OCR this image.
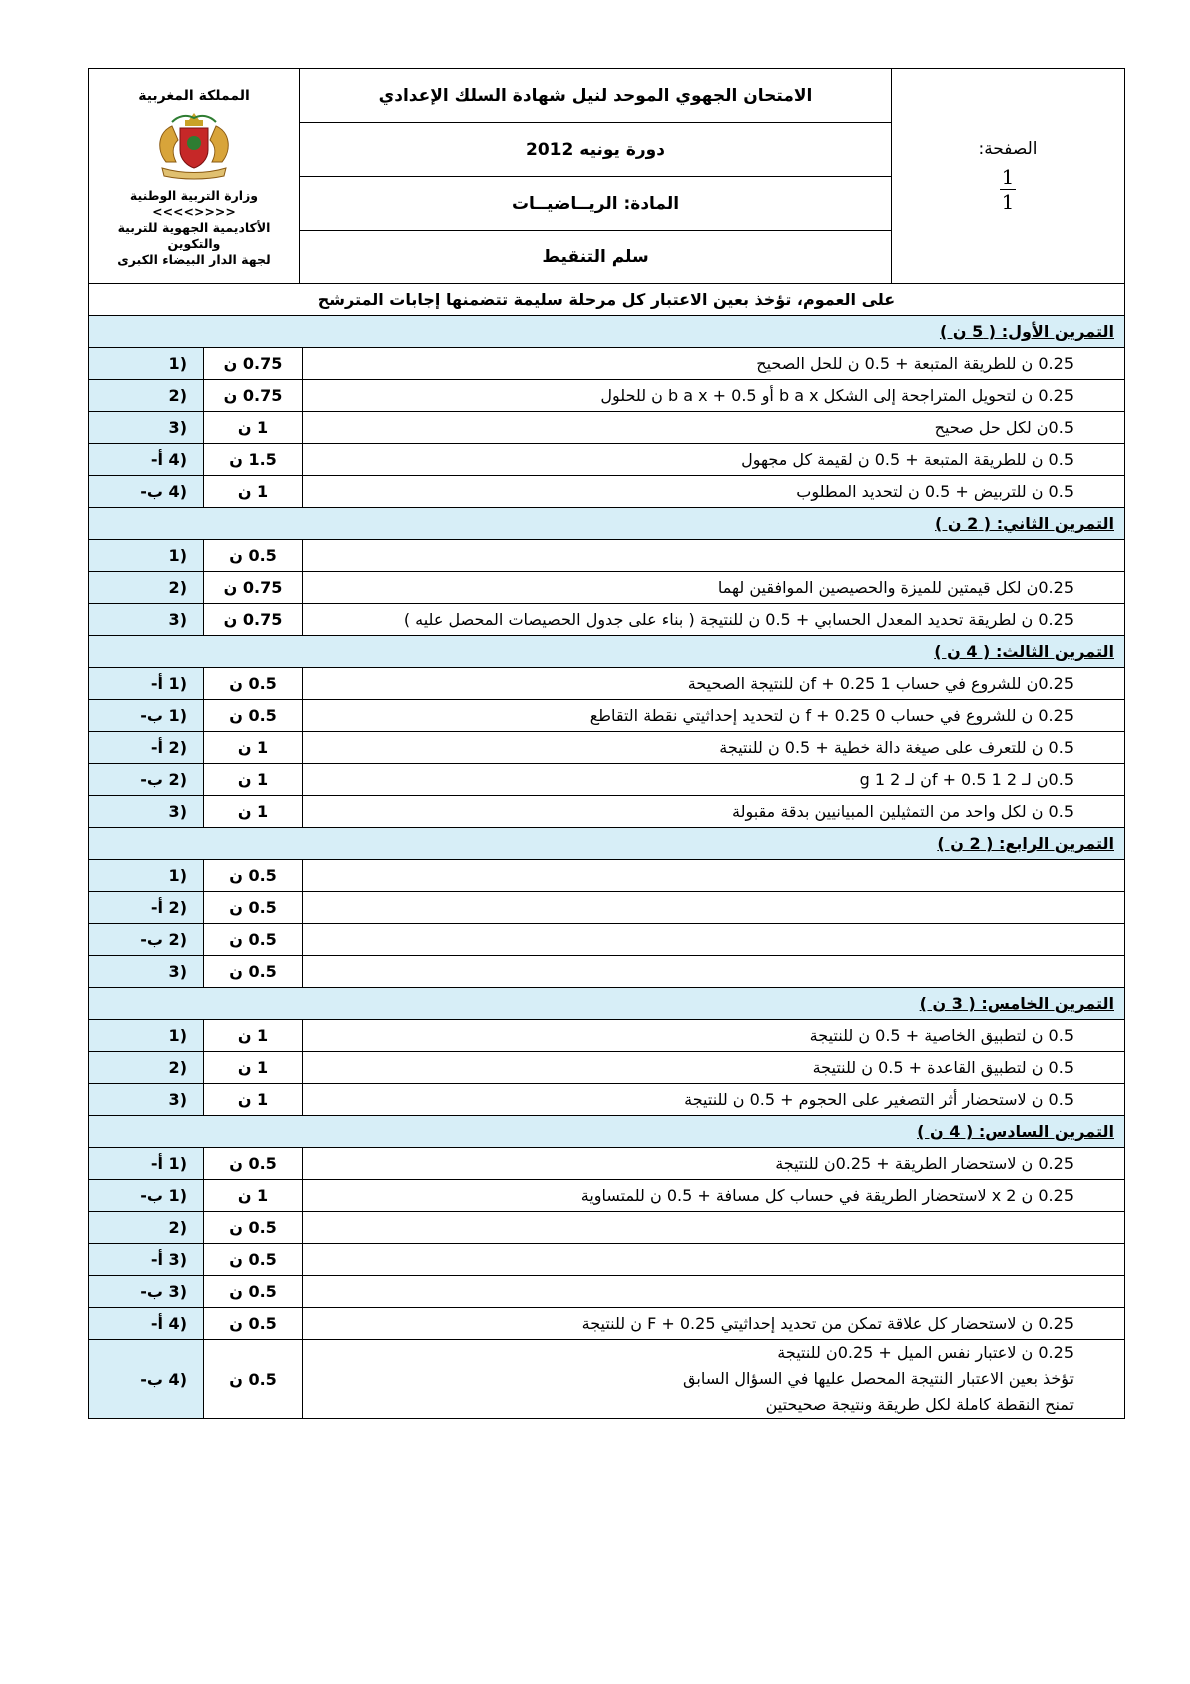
المملكة المغربية
وزارة التربية الوطنية
<<<<>>>>
الأكاديمية الجهوية للتربية والتكوين
لجهة الدار البيضاء الكبرى
	الامتحان الجهوي الموحد لنيل شهادة السلك الإعدادي	
الصفحة:
$\frac{1}{1}$

دورة يونيه 2012
المادة: الريــاضيــات
سلم التنقيط
على العموم، تؤخذ بعين الاعتبار كل مرحلة سليمة تتضمنها إجابات المترشح		
التمرين الأول: ( 5 ن )		
(1	0.75 ن	0.25 ن للطريقة المتبعة + 0.5 ن للحل الصحيح

(2	0.75 ن	0.25 ن لتحويل المتراجحة إلى الشكل b a x أو b a x + 0.5 ن للحلول

(3	1 ن	0.5ن لكل حل صحيح

(4 أ-	1.5 ن	0.5 ن للطريقة المتبعة + 0.5 ن لقيمة كل مجهول

(4 ب-	1 ن	0.5 ن للتربيض + 0.5 ن لتحديد المطلوب

التمرين الثاني: ( 2 ن )		
(1	0.5 ن	

(2	0.75 ن	0.25ن لكل قيمتين للميزة والحصيصين الموافقين لهما

(3	0.75 ن	0.25 ن لطريقة تحديد المعدل الحسابي + 0.5 ن للنتيجة ( بناء على جدول الحصيصات المحصل عليه )

التمرين الثالث: ( 4 ن )		
(1 أ-	0.5 ن	0.25ن للشروع في حساب 1 f + 0.25ن للنتيجة الصحيحة

(1 ب-	0.5 ن	0.25 ن للشروع في حساب 0 f + 0.25 ن لتحديد إحداثيتي نقطة التقاطع

(2 أ-	1 ن	0.5 ن للتعرف على صيغة دالة خطية + 0.5 ن للنتيجة

(2 ب-	1 ن	0.5ن لـ 2 1 f + 0.5ن لـ 2 1 g

(3	1 ن	0.5 ن لكل واحد من التمثيلين المبيانيين بدقة مقبولة

التمرين الرابع: ( 2 ن )		
(1	0.5 ن	

(2 أ-	0.5 ن	

(2 ب-	0.5 ن	

(3	0.5 ن	

التمرين الخامس: ( 3 ن )		
(1	1 ن	0.5 ن لتطبيق الخاصية + 0.5 ن للنتيجة

(2	1 ن	0.5 ن لتطبيق القاعدة + 0.5 ن للنتيجة

(3	1 ن	0.5 ن لاستحضار أثر التصغير على الحجوم + 0.5 ن للنتيجة

التمرين السادس: ( 4 ن )		
(1 أ-	0.5 ن	0.25 ن لاستحضار الطريقة + 0.25ن للنتيجة

(1 ب-	1 ن	0.25 ن 2 x لاستحضار الطريقة في حساب كل مسافة + 0.5 ن للمتساوية

(2	0.5 ن	

(3 أ-	0.5 ن	

(3 ب-	0.5 ن	

(4 أ-	0.5 ن	0.25 ن لاستحضار كل علاقة تمكن من تحديد إحداثيتي F + 0.25 ن للنتيجة

(4 ب-	0.5 ن	0.25 ن لاعتبار نفس الميل + 0.25ن للنتيجة
تؤخذ بعين الاعتبار النتيجة المحصل عليها في السؤال السابق
تمنح النقطة كاملة لكل طريقة ونتيجة صحيحتين
